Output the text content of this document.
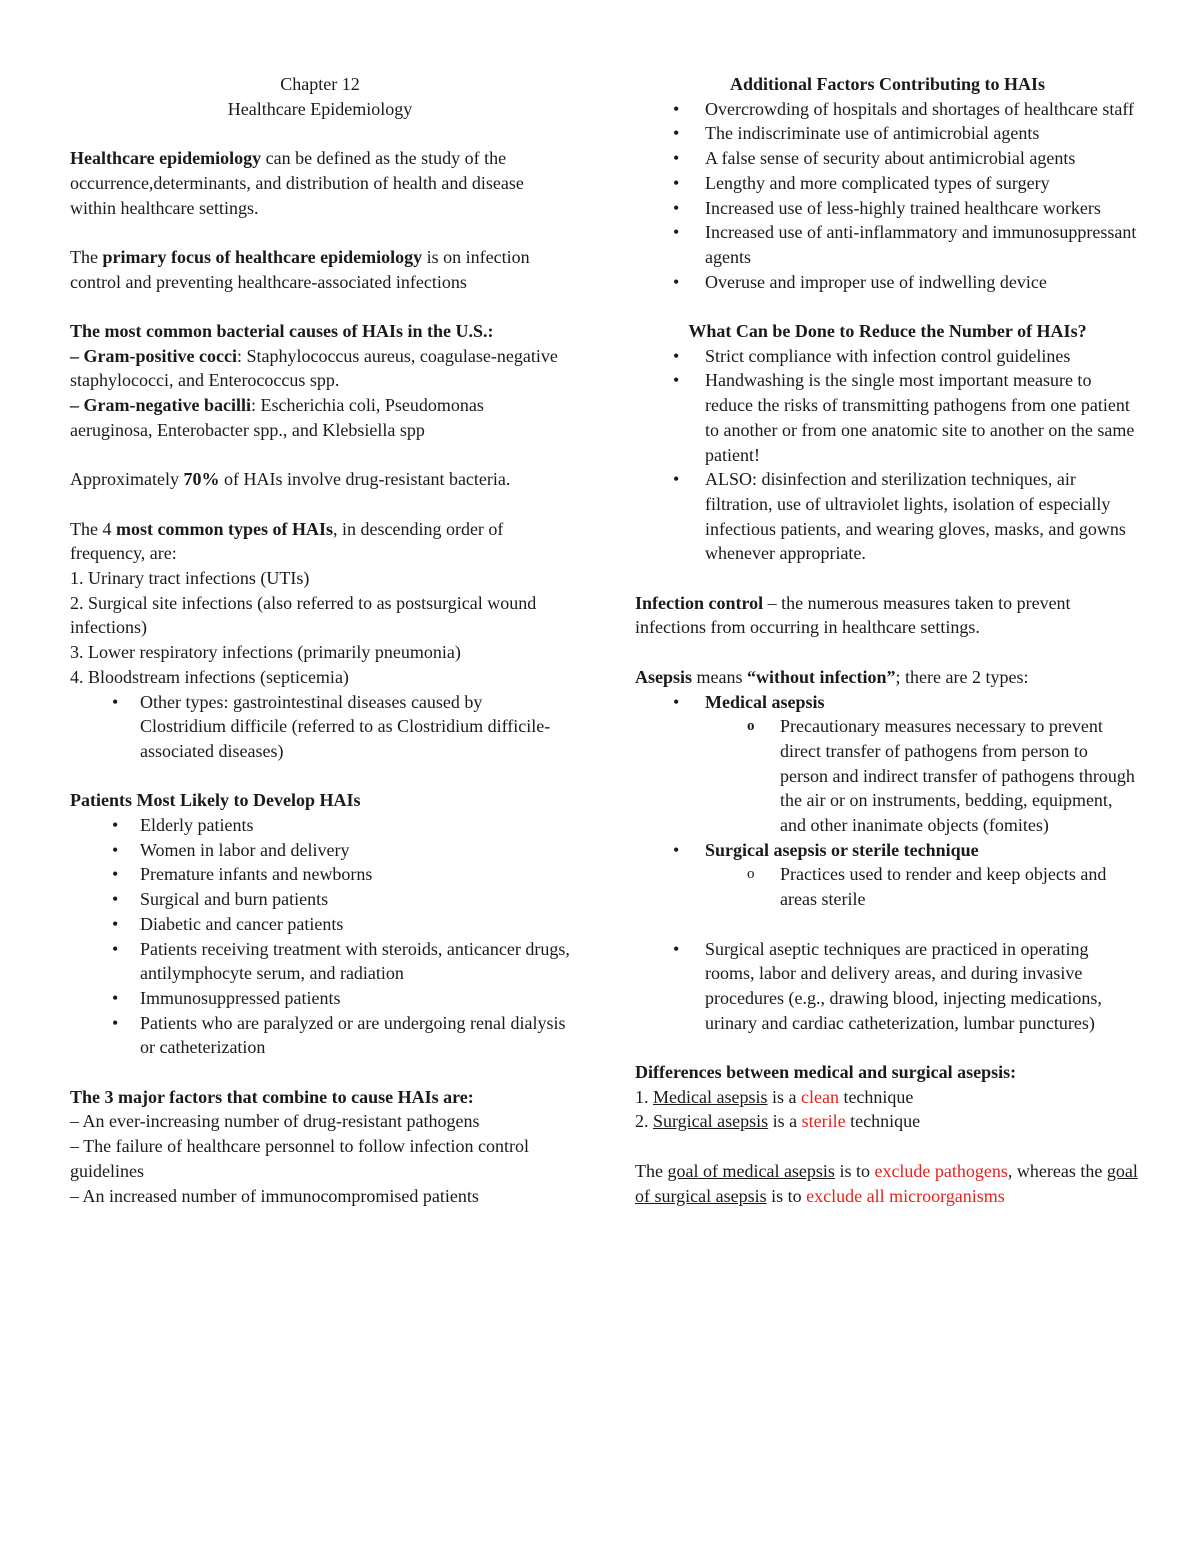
Chapter 12
Healthcare Epidemiology

Healthcare epidemiology can be defined as the study of the occurrence,determinants, and distribution of health and disease within healthcare settings.

The primary focus of healthcare epidemiology is on infection control and preventing healthcare-associated infections

The most common bacterial causes of HAIs in the U.S.:

– Gram-positive cocci: Staphylococcus aureus, coagulase-negative staphylococci, and Enterococcus spp.

– Gram-negative bacilli: Escherichia coli, Pseudomonas aeruginosa, Enterobacter spp., and Klebsiella spp

Approximately 70% of HAIs involve drug-resistant bacteria.

The 4 most common types of HAIs, in descending order of frequency, are:

1. Urinary tract infections (UTIs)
2. Surgical site infections (also referred to as postsurgical wound infections)
3. Lower respiratory infections (primarily pneumonia)
4. Bloodstream infections (septicemia)
• Other types: gastrointestinal diseases caused by Clostridium difficile (referred to as Clostridium difficile-associated diseases)

Patients Most Likely to Develop HAIs

• Elderly patients
• Women in labor and delivery
• Premature infants and newborns
• Surgical and burn patients
• Diabetic and cancer patients
• Patients receiving treatment with steroids, anticancer drugs, antilymphocyte serum, and radiation
• Immunosuppressed patients
• Patients who are paralyzed or are undergoing renal dialysis or catheterization

The 3 major factors that combine to cause HAIs are:

– An ever-increasing number of drug-resistant pathogens
– The failure of healthcare personnel to follow infection control guidelines
– An increased number of immunocompromised patients
Additional Factors Contributing to HAIs
• Overcrowding of hospitals and shortages of healthcare staff
• The indiscriminate use of antimicrobial agents
• A false sense of security about antimicrobial agents
• Lengthy and more complicated types of surgery
• Increased use of less-highly trained healthcare workers
• Increased use of anti-inflammatory and immunosuppressant agents
• Overuse and improper use of indwelling device
What Can be Done to Reduce the Number of HAIs?
• Strict compliance with infection control guidelines
• Handwashing is the single most important measure to reduce the risks of transmitting pathogens from one patient to another or from one anatomic site to another on the same patient!
• ALSO: disinfection and sterilization techniques, air filtration, use of ultraviolet lights, isolation of especially infectious patients, and wearing gloves, masks, and gowns whenever appropriate.

Infection control – the numerous measures taken to prevent infections from occurring in healthcare settings.

Asepsis means “without infection”; there are 2 types:

• Medical asepsis
o Precautionary measures necessary to prevent direct transfer of pathogens from person to person and indirect transfer of pathogens through the air or on instruments, bedding, equipment, and other inanimate objects (fomites)
• Surgical asepsis or sterile technique
o Practices used to render and keep objects and areas sterile
• Surgical aseptic techniques are practiced in operating rooms, labor and delivery areas, and during invasive procedures (e.g., drawing blood, injecting medications, urinary and cardiac catheterization, lumbar punctures)

Differences between medical and surgical asepsis:

1. Medical asepsis is a clean technique

2. Surgical asepsis is a sterile technique

The goal of medical asepsis is to exclude pathogens, whereas the goal of surgical asepsis is to exclude all microorganisms
